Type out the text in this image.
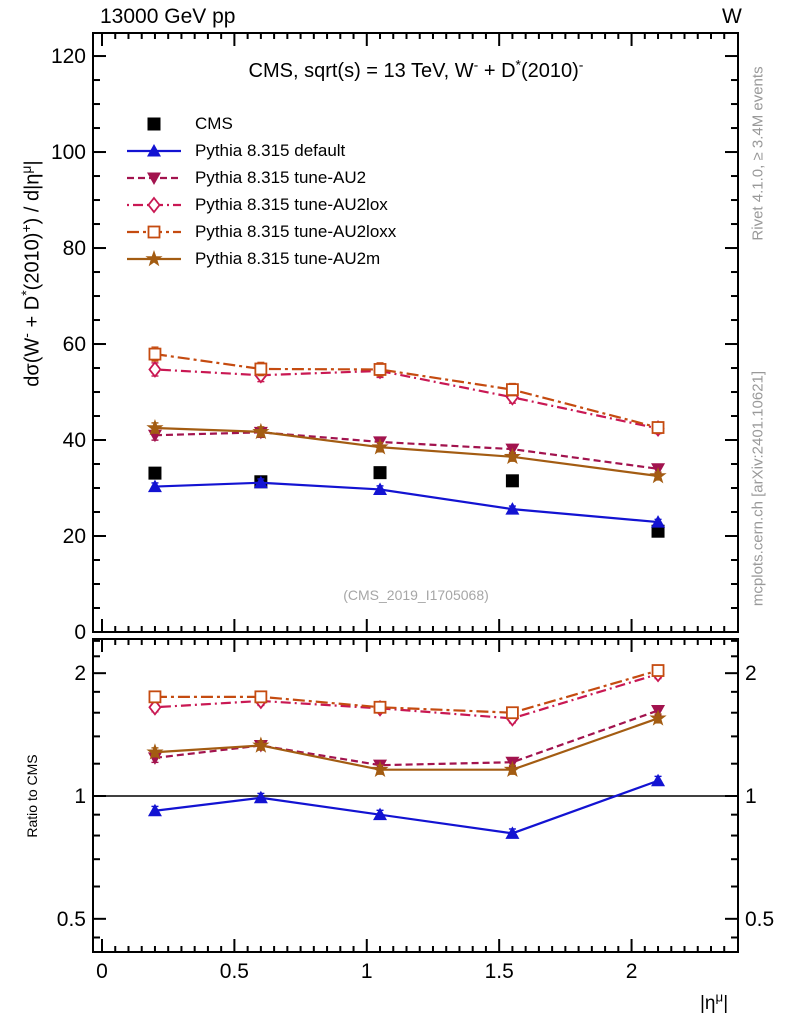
0	0.5	1	1.5	2
0
20
40
60
80
100
120
2	2
1	1
0.5	0.5
13000 GeV pp	W
CMS, sqrt(s) = 13 TeV, W- + D*(2010)-
$d\sigma(W^- + D^*(2010)^+) / d|\eta^\mu|$
Ratio to CMS
$|\eta^\mu|$
(CMS_2019_I1705068)
Rivet 4.1.0, ≥ 3.4M events
mcplots.cern.ch [arXiv:2401.10621]
CMS
Pythia 8.315 default
Pythia 8.315 tune-AU2
Pythia 8.315 tune-AU2lox
Pythia 8.315 tune-AU2loxx
Pythia 8.315 tune-AU2m
